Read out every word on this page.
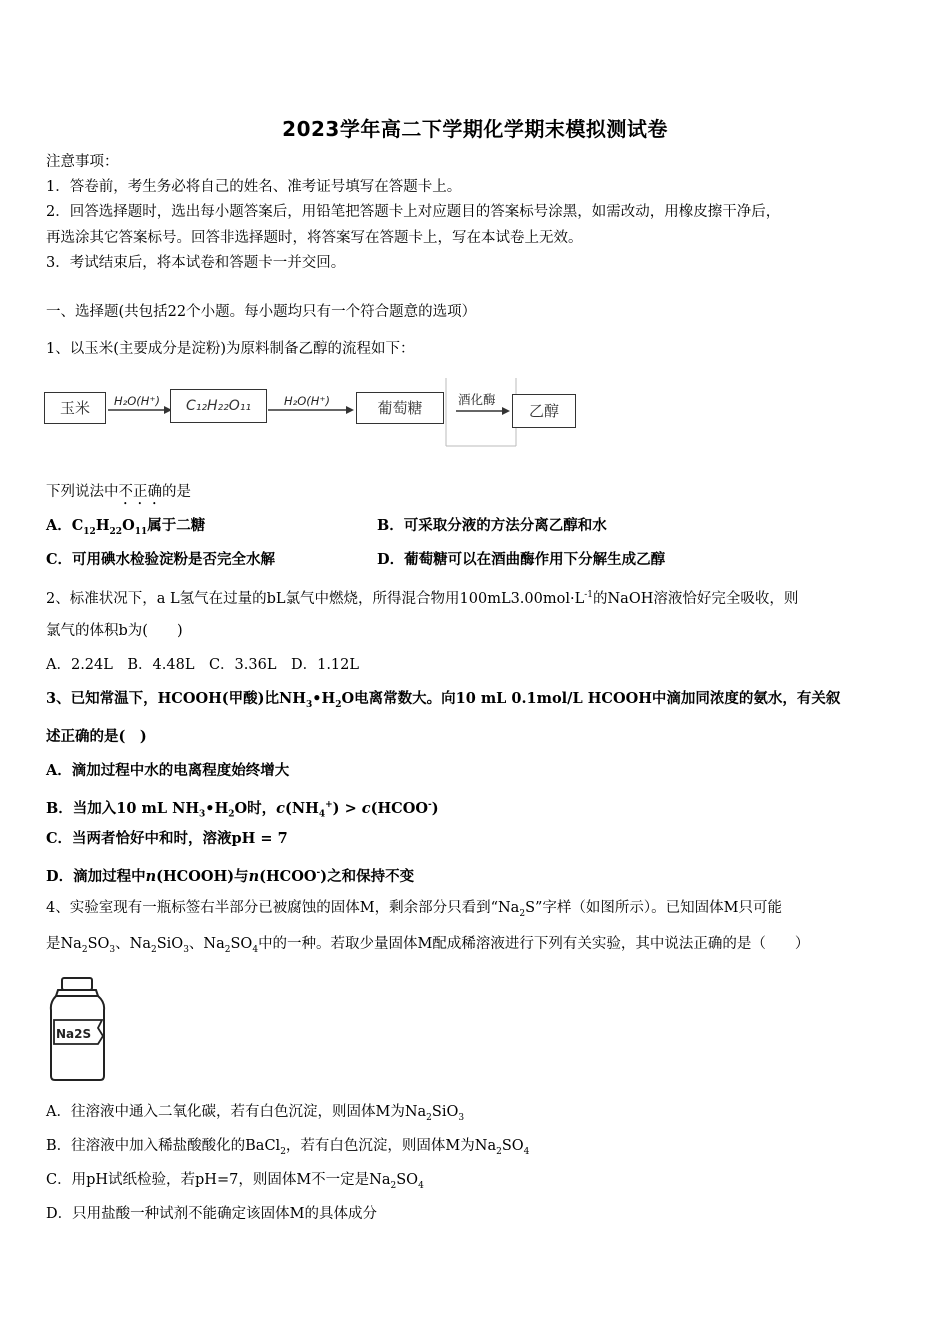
2023学年高二下学期化学期末模拟测试卷
注意事项：
1．答卷前，考生务必将自己的姓名、准考证号填写在答题卡上。
2．回答选择题时，选出每小题答案后，用铅笔把答题卡上对应题目的答案标号涂黑，如需改动，用橡皮擦干净后，
再选涂其它答案标号。回答非选择题时，将答案写在答题卡上，写在本试卷上无效。
3．考试结束后，将本试卷和答题卡一并交回。
一、选择题(共包括22个小题。每小题均只有一个符合题意的选项）
1、以玉米(主要成分是淀粉)为原料制备乙醇的流程如下：
玉米	H₂O(H⁺)	C₁₂H₂₂O₁₁	H₂O(H⁺)	葡萄糖	酒化酶
乙醇
下列说法中不正确的是
A．$C_{12}H_{22}O_{11}$属于二糖	B．可采取分液的方法分离乙醇和水
C．可用碘水检验淀粉是否完全水解	D．葡萄糖可以在酒曲酶作用下分解生成乙醇
2、标准状况下，a L氢气在过量的bL氯气中燃烧，所得混合物用$100mL3.00mol\cdot L^{-1}$的NaOH溶液恰好完全吸收，则
氯气的体积b为(　　)
A．2.24L　B．4.48L　C．3.36L　D．1.12L
3、已知常温下，HCOOH(甲酸)比$NH_3•H_2O$电离常数大。向10 mL 0.1mol/L HCOOH中滴加同浓度的氨水，有关叙
述正确的是(　)
A．滴加过程中水的电离程度始终增大
B．当加入10 mL $NH_3•H_2O$时，$c(NH_4^+)$ > c(HCOO-)
C．当两者恰好中和时，溶液pH = 7
D．滴加过程中n(HCOOH)与n(HCOO-)之和保持不变
4、实验室现有一瓶标签右半部分已被腐蚀的固体M，剩余部分只看到“$Na_2S$”字样（如图所示）。已知固体M只可能
是$Na_2SO_3$、$Na_2SiO_3$、$Na_2SO_4$中的一种。若取少量固体M配成稀溶液进行下列有关实验，其中说法正确的是（　　）
Na2S
A．往溶液中通入二氧化碳，若有白色沉淀，则固体M为$Na_2SiO_3$
B．往溶液中加入稀盐酸酸化的BaCl$_2$，若有白色沉淀，则固体M为$Na_2SO_4$
C．用pH试纸检验，若pH=7，则固体M不一定是$Na_2SO_4$
D．只用盐酸一种试剂不能确定该固体M的具体成分
